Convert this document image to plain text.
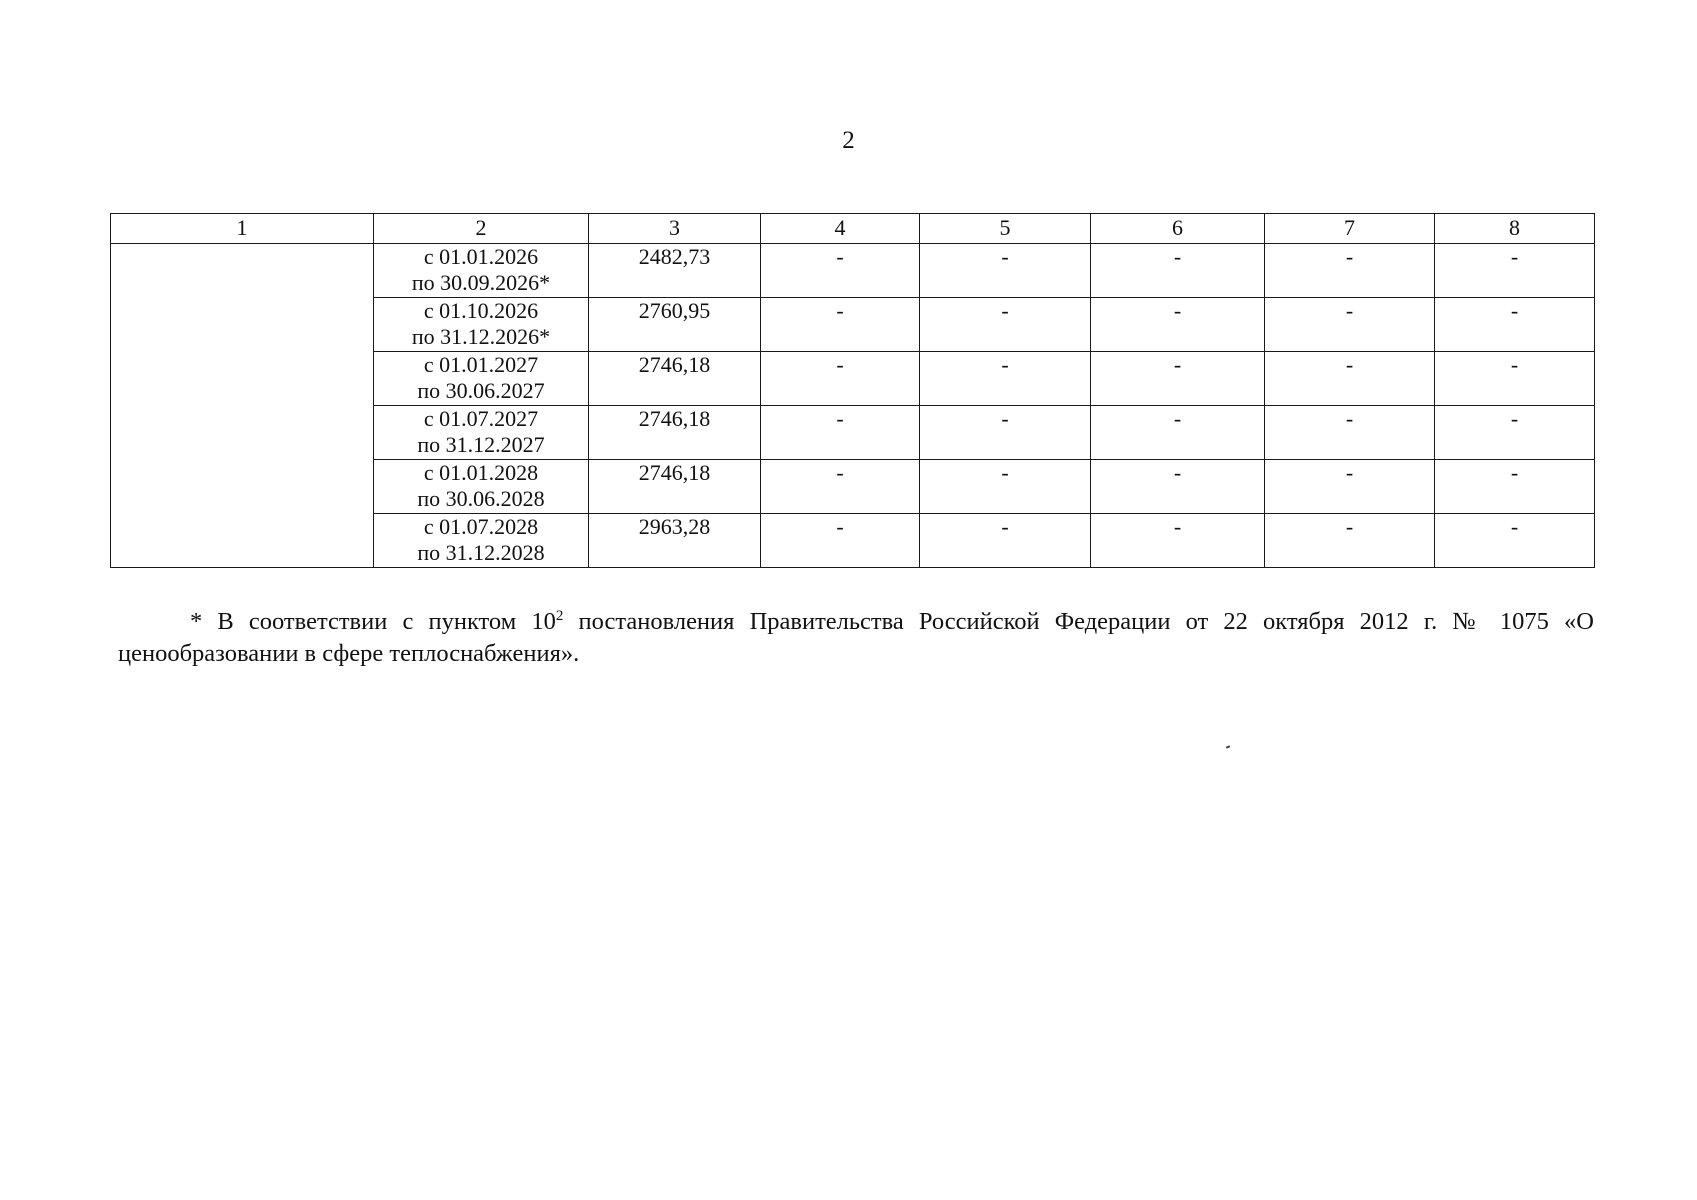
2
1	2	3	4	5	6	7	8

	с 01.01.2026
по 30.09.2026*	2482,73	-	-	-	-	-

	с 01.10.2026
по 31.12.2026*	2760,95	-	-	-	-	-

	с 01.01.2027
по 30.06.2027	2746,18	-	-	-	-	-

	с 01.07.2027
по 31.12.2027	2746,18	-	-	-	-	-

	с 01.01.2028
по 30.06.2028	2746,18	-	-	-	-	-

	с 01.07.2028
по 31.12.2028	2963,28	-	-	-	-	-
* В соответствии с пунктом $10^2$ постановления Правительства Российской Федерации от 22 октября 2012 г. № 1075 «О ценообразовании в сфере теплоснабжения».
